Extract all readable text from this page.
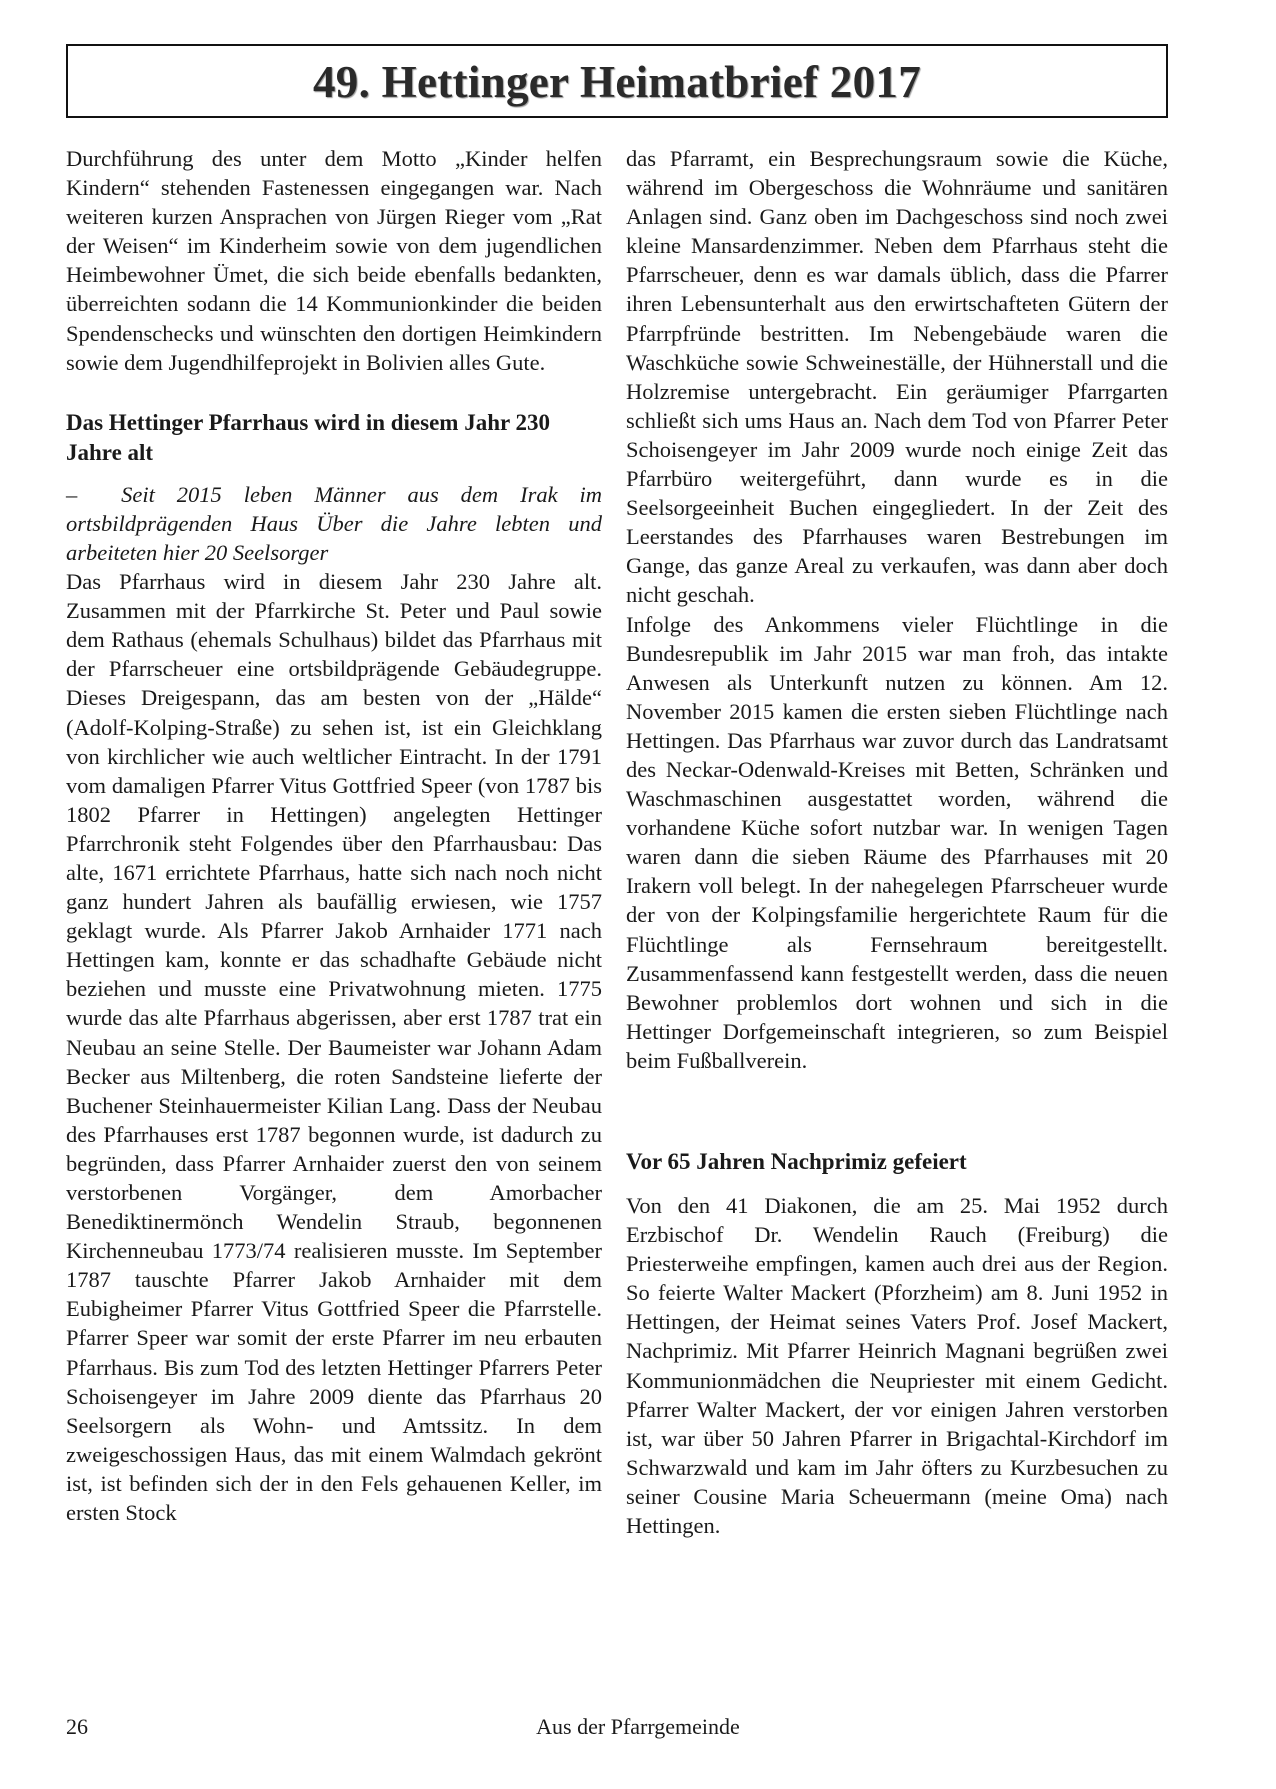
49. Hettinger Heimatbrief 2017

Durchführung des unter dem Motto „Kinder helfen Kindern“ stehenden Fastenessen eingegangen war. Nach weiteren kurzen Ansprachen von Jürgen Rieger vom „Rat der Weisen“ im Kinderheim sowie von dem jugendlichen Heimbewohner Ümet, die sich beide ebenfalls bedankten, überreichten sodann die 14 Kommunionkinder die beiden Spendenschecks und wünschten den dortigen Heimkindern sowie dem Jugendhilfeprojekt in Bolivien alles Gute.

Das Hettinger Pfarrhaus wird in diesem Jahr 230 Jahre alt

– Seit 2015 leben Männer aus dem Irak im ortsbildprägenden Haus Über die Jahre lebten und arbeiteten hier 20 Seelsorger

Das Pfarrhaus wird in diesem Jahr 230 Jahre alt. Zusammen mit der Pfarrkirche St. Peter und Paul sowie dem Rathaus (ehemals Schulhaus) bildet das Pfarrhaus mit der Pfarrscheuer eine ortsbildprägende Gebäudegruppe. Dieses Dreigespann, das am besten von der „Hälde“ (Adolf-Kolping-Straße) zu sehen ist, ist ein Gleichklang von kirchlicher wie auch weltlicher Eintracht. In der 1791 vom damaligen Pfarrer Vitus Gottfried Speer (von 1787 bis 1802 Pfarrer in Hettingen) angelegten Hettinger Pfarrchronik steht Folgendes über den Pfarrhausbau: Das alte, 1671 errichtete Pfarrhaus, hatte sich nach noch nicht ganz hundert Jahren als baufällig erwiesen, wie 1757 geklagt wurde. Als Pfarrer Jakob Arnhaider 1771 nach Hettingen kam, konnte er das schadhafte Gebäude nicht beziehen und musste eine Privatwohnung mieten. 1775 wurde das alte Pfarrhaus abgerissen, aber erst 1787 trat ein Neubau an seine Stelle. Der Baumeister war Johann Adam Becker aus Miltenberg, die roten Sandsteine lieferte der Buchener Steinhauermeister Kilian Lang. Dass der Neubau des Pfarrhauses erst 1787 begonnen wurde, ist dadurch zu begründen, dass Pfarrer Arnhaider zuerst den von seinem verstorbenen Vorgänger, dem Amorbacher Benediktinermönch Wendelin Straub, begonnenen Kirchenneubau 1773/74 realisieren musste. Im September 1787 tauschte Pfarrer Jakob Arnhaider mit dem Eubigheimer Pfarrer Vitus Gottfried Speer die Pfarrstelle. Pfarrer Speer war somit der erste Pfarrer im neu erbauten Pfarrhaus. Bis zum Tod des letzten Hettinger Pfarrers Peter Schoisengeyer im Jahre 2009 diente das Pfarrhaus 20 Seelsorgern als Wohn- und Amtssitz. In dem zweigeschossigen Haus, das mit einem Walmdach gekrönt ist, ist befinden sich der in den Fels gehauenen Keller, im ersten Stock

das Pfarramt, ein Besprechungsraum sowie die Küche, während im Obergeschoss die Wohnräume und sanitären Anlagen sind. Ganz oben im Dachgeschoss sind noch zwei kleine Mansardenzimmer. Neben dem Pfarrhaus steht die Pfarrscheuer, denn es war damals üblich, dass die Pfarrer ihren Lebensunterhalt aus den erwirtschafteten Gütern der Pfarrpfründe bestritten. Im Nebengebäude waren die Waschküche sowie Schweineställe, der Hühnerstall und die Holzremise untergebracht. Ein geräumiger Pfarrgarten schließt sich ums Haus an. Nach dem Tod von Pfarrer Peter Schoisengeyer im Jahr 2009 wurde noch einige Zeit das Pfarrbüro weitergeführt, dann wurde es in die Seelsorgeeinheit Buchen eingegliedert. In der Zeit des Leerstandes des Pfarrhauses waren Bestrebungen im Gange, das ganze Areal zu verkaufen, was dann aber doch nicht geschah.

Infolge des Ankommens vieler Flüchtlinge in die Bundesrepublik im Jahr 2015 war man froh, das intakte Anwesen als Unterkunft nutzen zu können. Am 12. November 2015 kamen die ersten sieben Flüchtlinge nach Hettingen. Das Pfarrhaus war zuvor durch das Landratsamt des Neckar-Odenwald-Kreises mit Betten, Schränken und Waschmaschinen ausgestattet worden, während die vorhandene Küche sofort nutzbar war. In wenigen Tagen waren dann die sieben Räume des Pfarrhauses mit 20 Irakern voll belegt. In der nahegelegen Pfarrscheuer wurde der von der Kolpingsfamilie hergerichtete Raum für die Flüchtlinge als Fernsehraum bereitgestellt. Zusammenfassend kann festgestellt werden, dass die neuen Bewohner problemlos dort wohnen und sich in die Hettinger Dorfgemeinschaft integrieren, so zum Beispiel beim Fußballverein.

Vor 65 Jahren Nachprimiz gefeiert

Von den 41 Diakonen, die am 25. Mai 1952 durch Erzbischof Dr. Wendelin Rauch (Freiburg) die Priesterweihe empfingen, kamen auch drei aus der Region. So feierte Walter Mackert (Pforzheim) am 8. Juni 1952 in Hettingen, der Heimat seines Vaters Prof. Josef Mackert, Nachprimiz. Mit Pfarrer Heinrich Magnani begrüßen zwei Kommunionmädchen die Neupriester mit einem Gedicht. Pfarrer Walter Mackert, der vor einigen Jahren verstorben ist, war über 50 Jahren Pfarrer in Brigachtal-Kirchdorf im Schwarzwald und kam im Jahr öfters zu Kurzbesuchen zu seiner Cousine Maria Scheuermann (meine Oma) nach Hettingen.

26	Aus der Pfarrgemeinde
